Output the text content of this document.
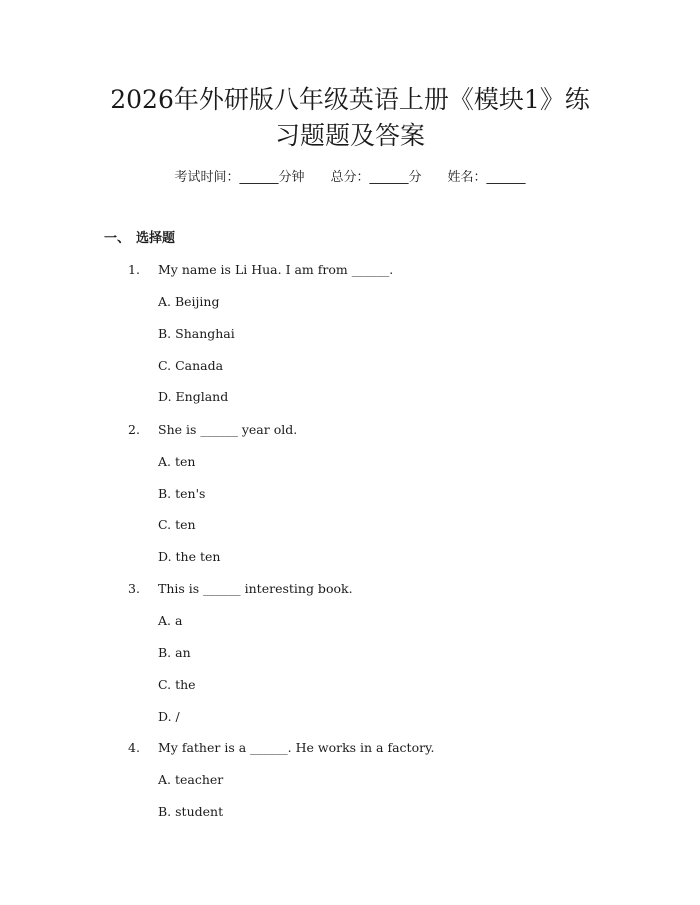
2026年外研版八年级英语上册《模块1》练
习题题及答案
考试时间：______分钟 总分：______分 姓名：______
一、 选择题
1. My name is Li Hua. I am from ______.
A. Beijing
B. Shanghai
C. Canada
D. England
2. She is ______ year old.
A. ten
B. ten's
C. ten
D. the ten
3. This is ______ interesting book.
A. a
B. an
C. the
D. /
4. My father is a ______. He works in a factory.
A. teacher
B. student
